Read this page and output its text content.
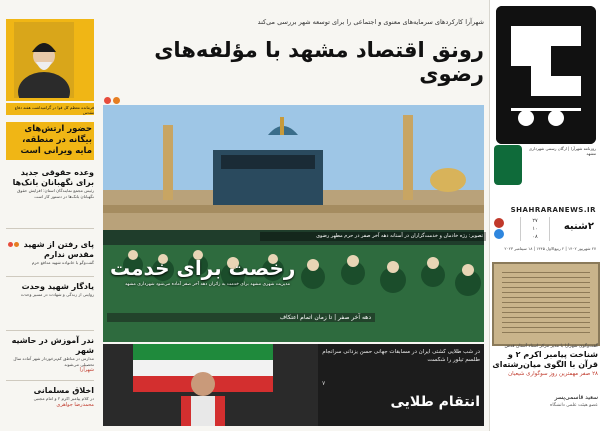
روزنامه شهرآرا | ارگان رسمی شهرداری مشهد
SHAHRARANEWS.IR
۲۷
۱۰
۰۸
۲شنبه
۲۷ شهریور ۱۴۰۲ | ۲ ربیع‌الاول ۱۴۴۵ | ۱۸ سپتامبر ۲۰۲۳
گفت‌وگوی شهرآرا با مدیر مرکز اسناد آستان قدس
شناخت پیامبر اکرم ۲ و قرآن با الگوی میان‌رشته‌ای
۲۸ صفر مهمترین روز سوگواری شیعیان
سعید قاسمی‌پسر
عضو هیئت علمی دانشگاه
شهرآرا کارکردهای سرمایه‌های معنوی و اجتماعی را برای توسعه شهر بررسی می‌کند
رونق اقتصاد مشهد با مؤلفه‌های رضوی
تصویر: رژه خادمان و خدمت‌گزاران در آستانه دهه آخر صفر در حرم مطهر رضوی
رخصت برای خدمت
مدیریت شهری مشهد برای خدمت به زائران دهه آخر صفر آماده می‌شود شهرداری مشهد
دهه آخر صفر | تا زمان اتمام اعتکاف
در شب طلایی کشتی ایران در مسابقات جهانی حسن یزدانی سرانجام طلسم تیلور را شکست
۷
انتقام طلایی
فرمانده معظم کل قوا در گرامیداشت هفته دفاع مقدس
حضور ارتش‌های بیگانه در منطقه، مایه ویرانی است
وعده حقوقی جدید برای نگهبانان بانک‌ها
رئیس مجمع نمایندگان استان: افزایش حقوق نگهبانان بانک‌ها در دستور کار است
پای رفتن از شهید مقدس ندارم
گفت‌وگو با خانواده شهید مدافع حرم
یادگار شهید وحدت
روایتی از زندگی و شهادت در مسیر وحدت
ندر آموزش در حاشیه شهر
مدارس در مناطق کم‌برخوردار شهر آماده سال تحصیلی می‌شوند
شهرآرا
اخلاق مسلمانی
در کلام پیامبر اکرم ۲ و امام مجتبی
محمدرضا جواهری
